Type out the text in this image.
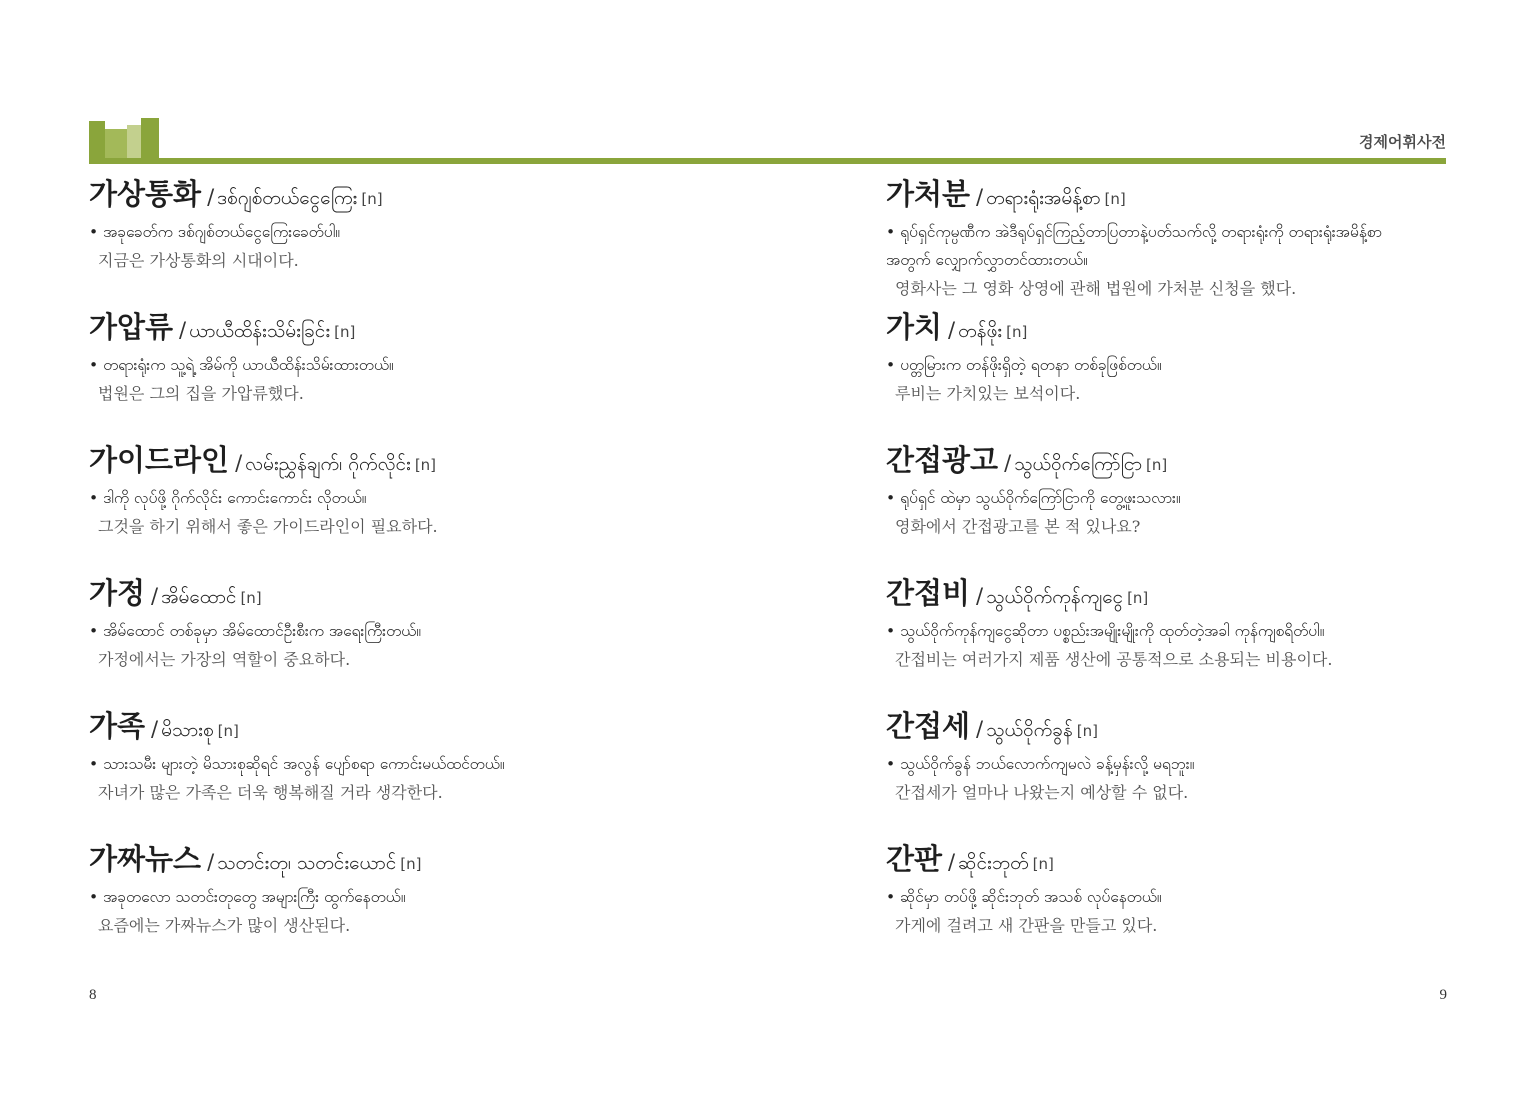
경제어휘사전
가상통화 / ဒစ်ဂျစ်တယ်ငွေကြေး [n]
• အခုခေတ်က ဒစ်ဂျစ်တယ်ငွေကြေးခေတ်ပါ။
지금은 가상통화의 시대이다.
가압류 / ယာယီထိန်းသိမ်းခြင်း [n]
• တရားရုံးက သူ့ရဲ့ အိမ်ကို ယာယီထိန်းသိမ်းထားတယ်။
법원은 그의 집을 가압류했다.
가이드라인 / လမ်းညွှန်ချက်၊ ဂိုက်လိုင်း [n]
• ဒါကို လုပ်ဖို့ ဂိုက်လိုင်း ကောင်းကောင်း လိုတယ်။
그것을 하기 위해서 좋은 가이드라인이 필요하다.
가정 / အိမ်ထောင် [n]
• အိမ်ထောင် တစ်ခုမှာ အိမ်ထောင်ဦးစီးက အရေးကြီးတယ်။
가정에서는 가장의 역할이 중요하다.
가족 / မိသားစု [n]
• သားသမီး များတဲ့ မိသားစုဆိုရင် အလွန် ပျော်စရာ ကောင်းမယ်ထင်တယ်။
자녀가 많은 가족은 더욱 행복해질 거라 생각한다.
가짜뉴스 / သတင်းတု၊ သတင်းယောင် [n]
• အခုတလော သတင်းတုတွေ အများကြီး ထွက်နေတယ်။
요즘에는 가짜뉴스가 많이 생산된다.
가처분 / တရားရုံးအမိန့်စာ [n]
• ရုပ်ရှင်ကုမ္ပဏီက အဲဒီရုပ်ရှင်ကြည့်တာပြတာနဲ့ပတ်သက်လို့ တရားရုံးကို တရားရုံးအမိန့်စာအတွက် လျှောက်လွှာတင်ထားတယ်။
영화사는 그 영화 상영에 관해 법원에 가처분 신청을 했다.
가치 / တန်ဖိုး [n]
• ပတ္တမြားက တန်ဖိုးရှိတဲ့ ရတနာ တစ်ခုဖြစ်တယ်။
루비는 가치있는 보석이다.
간접광고 / သွယ်ဝိုက်ကြော်ငြာ [n]
• ရုပ်ရှင် ထဲမှာ သွယ်ဝိုက်ကြော်ငြာကို တွေ့ဖူးသလား။
영화에서 간접광고를 본 적 있나요?
간접비 / သွယ်ဝိုက်ကုန်ကျငွေ [n]
• သွယ်ဝိုက်ကုန်ကျငွေဆိုတာ ပစ္စည်းအမျိုးမျိုးကို ထုတ်တဲ့အခါ ကုန်ကျစရိတ်ပါ။
간접비는 여러가지 제품 생산에 공통적으로 소용되는 비용이다.
간접세 / သွယ်ဝိုက်ခွန် [n]
• သွယ်ဝိုက်ခွန် ဘယ်လောက်ကျမလဲ ခန့်မှန်းလို့ မရဘူး။
간접세가 얼마나 나왔는지 예상할 수 없다.
간판 / ဆိုင်းဘုတ် [n]
• ဆိုင်မှာ တပ်ဖို့ ဆိုင်းဘုတ် အသစ် လုပ်နေတယ်။
가게에 걸려고 새 간판을 만들고 있다.
8	9
